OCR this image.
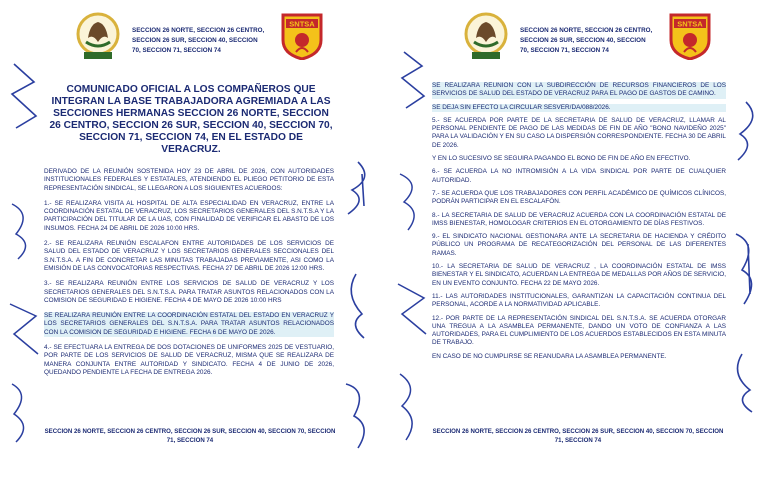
SECCION 26 NORTE, SECCION 26 CENTRO,
SECCION 26 SUR, SECCION 40, SECCION
70, SECCION 71, SECCION 74
SNTSA
COMUNICADO OFICIAL A LOS COMPAÑEROS QUE INTEGRAN LA BASE TRABAJADORA AGREMIADA A LAS SECCIONES HERMANAS SECCION 26 NORTE, SECCION 26 CENTRO, SECCION 26 SUR, SECCION 40, SECCION 70, SECCION 71, SECCION 74, EN EL ESTADO DE VERACRUZ.

DERIVADO DE LA REUNIÓN SOSTENIDA HOY 23 DE ABRIL DE 2026, CON AUTORIDADES INSTITUCIONALES FEDERALES Y ESTATALES, ATENDIENDO EL PLIEGO PETITORIO DE ESTA REPRESENTACIÓN SINDICAL, SE LLEGARON A LOS SIGUIENTES ACUERDOS:

1.- SE REALIZARA VISITA AL HOSPITAL DE ALTA ESPECIALIDAD EN VERACRUZ, ENTRE LA COORDINACIÓN ESTATAL DE VERACRUZ, LOS SECRETARIOS GENERALES DEL S.N.T.S.A Y LA PARTICIPACIÓN DEL TITULAR DE LA UAS, CON FINALIDAD DE VERIFICAR EL ABASTO DE LOS INSUMOS. FECHA 24 DE ABRIL DE 2026 10:00 HRS.

2.- SE REALIZARA REUNIÓN ESCALAFON ENTRE AUTORIDADES DE LOS SERVICIOS DE SALUD DEL ESTADO DE VERACRUZ Y LOS SECRETARIOS GENERALES SECCIONALES DEL S.N.T.S.A. A FIN DE CONCRETAR LAS MINUTAS TRABAJADAS PREVIAMENTE, ASI COMO LA EMISIÓN DE LAS CONVOCATORIAS RESPECTIVAS. FECHA 27 DE ABRIL DE 2026 12:00 HRS.

3.- SE REALIZARA REUNIÓN ENTRE LOS SERVICIOS DE SALUD DE VERACRUZ Y LOS SECRETARIOS GENERALES DEL S.N.T.S.A. PARA TRATAR ASUNTOS RELACIONADOS CON LA COMISION DE SEGURIDAD E HIGIENE. FECHA 4 DE MAYO DE 2026 10:00 HRS

SE REALIZARA REUNIÓN ENTRE LA COORDINACIÓN ESTATAL DEL ESTADO EN VERACRUZ Y LOS SECRETARIOS GENERALES DEL S.N.T.S.A. PARA TRATAR ASUNTOS RELACIONADOS CON LA COMISION DE SEGURIDAD E HIGIENE. FECHA 6 DE MAYO DE 2026.

4.- SE EFECTUARA LA ENTREGA DE DOS DOTACIONES DE UNIFORMES 2025 DE VESTUARIO, POR PARTE DE LOS SERVICIOS DE SALUD DE VERACRUZ, MISMA QUE SE REALIZARA DE MANERA CONJUNTA ENTRE AUTORIDAD Y SINDICATO. FECHA 4 DE JUNIO DE 2026, QUEDANDO PENDIENTE LA FECHA DE ENTREGA 2026.

SECCION 26 NORTE, SECCION 26 CENTRO, SECCION 26 SUR, SECCION 40, SECCION 70, SECCION 71, SECCION 74
SECCION 26 NORTE, SECCION 26 CENTRO,
SECCION 26 SUR, SECCION 40, SECCION
70, SECCION 71, SECCION 74
SNTSA

SE REALIZARA REUNION CON LA SUBDIRECCIÓN DE RECURSOS FINANCIEROS DE LOS SERVICIOS DE SALUD DEL ESTADO DE VERACRUZ PARA EL PAGO DE GASTOS DE CAMINO.

SE DEJA SIN EFECTO LA CIRCULAR SESVER/DA/088/2026.

5.- SE ACUERDA POR PARTE DE LA SECRETARIA DE SALUD DE VERACRUZ, LLAMAR AL PERSONAL PENDIENTE DE PAGO DE LAS MEDIDAS DE FIN DE AÑO "BONO NAVIDEÑO 2025" PARA LA VALIDACIÓN Y EN SU CASO LA DISPERSIÓN CORRESPONDIENTE. FECHA 30 DE ABRIL DE 2026.

Y EN LO SUCESIVO SE SEGUIRA PAGANDO EL BONO DE FIN DE AÑO EN EFECTIVO.

6.- SE ACUERDA LA NO INTROMISIÓN A LA VIDA SINDICAL POR PARTE DE CUALQUIER AUTORIDAD.

7.- SE ACUERDA QUE LOS TRABAJADORES CON PERFIL ACADÉMICO DE QUÍMICOS CLÍNICOS, PODRÁN PARTICIPAR EN EL ESCALAFÓN.

8.- LA SECRETARIA DE SALUD DE VERACRUZ ACUERDA CON LA COORDINACIÓN ESTATAL DE IMSS BIENESTAR, HOMOLOGAR CRITERIOS EN EL OTORGAMIENTO DE DÍAS FESTIVOS.

9.- EL SINDICATO NACIONAL GESTIONARA ANTE LA SECRETARIA DE HACIENDA Y CRÉDITO PÚBLICO UN PROGRAMA DE RECATEGORIZACIÓN DEL PERSONAL DE LAS DIFERENTES RAMAS.

10.- LA SECRETARIA DE SALUD DE VERACRUZ , LA COORDINACIÓN ESTATAL DE IMSS BIENESTAR Y EL SINDICATO, ACUERDAN LA ENTREGA DE MEDALLAS POR AÑOS DE SERVICIO, EN UN EVENTO CONJUNTO. FECHA 22 DE MAYO 2026.

11.- LAS AUTORIDADES INSTITUCIONALES, GARANTIZAN LA CAPACITACIÓN CONTINUA DEL PERSONAL, ACORDE A LA NORMATIVIDAD APLICABLE.

12.- POR PARTE DE LA REPRESENTACIÓN SINDICAL DEL S.N.T.S.A. SE ACUERDA OTORGAR UNA TREGUA A LA ASAMBLEA PERMANENTE, DANDO UN VOTO DE CONFIANZA A LAS AUTORIDADES, PARA EL CUMPLIMIENTO DE LOS ACUERDOS ESTABLECIDOS EN ESTA MINUTA DE TRABAJO.

EN CASO DE NO CUMPLIRSE SE REANUDARA LA ASAMBLEA PERMANENTE.

SECCION 26 NORTE, SECCION 26 CENTRO, SECCION 26 SUR, SECCION 40, SECCION 70, SECCION 71, SECCION 74
